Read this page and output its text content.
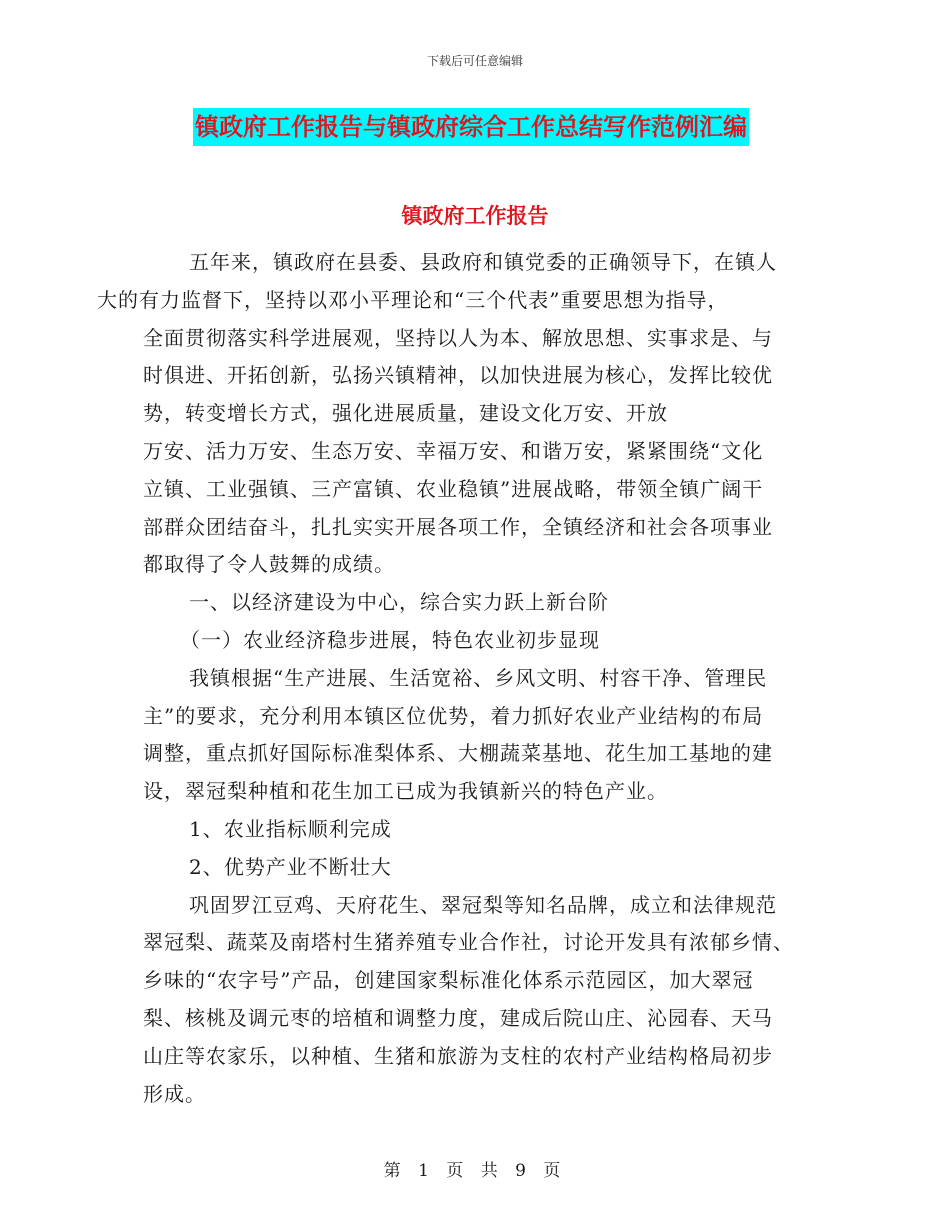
下载后可任意编辑
镇政府工作报告与镇政府综合工作总结写作范例汇编
镇政府工作报告

五年来，镇政府在县委、县政府和镇党委的正确领导下，在镇人
大的有力监督下，坚持以邓小平理论和“三个代表”重要思想为指导，
全面贯彻落实科学进展观，坚持以人为本、解放思想、实事求是、与
时俱进、开拓创新，弘扬兴镇精神，以加快进展为核心，发挥比较优
势，转变增长方式，强化进展质量，建设文化万安、开放
万安、活力万安、生态万安、幸福万安、和谐万安，紧紧围绕“文化
立镇、工业强镇、三产富镇、农业稳镇”进展战略，带领全镇广阔干
部群众团结奋斗，扎扎实实开展各项工作，全镇经济和社会各项事业
都取得了令人鼓舞的成绩。

一、以经济建设为中心，综合实力跃上新台阶

（一）农业经济稳步进展，特色农业初步显现

我镇根据“生产进展、生活宽裕、乡风文明、村容干净、管理民
主”的要求，充分利用本镇区位优势，着力抓好农业产业结构的布局
调整，重点抓好国际标准梨体系、大棚蔬菜基地、花生加工基地的建
设，翠冠梨种植和花生加工已成为我镇新兴的特色产业。

1、农业指标顺利完成

2、优势产业不断壮大

巩固罗江豆鸡、天府花生、翠冠梨等知名品牌，成立和法律规范
翠冠梨、蔬菜及南塔村生猪养殖专业合作社，讨论开发具有浓郁乡情、
乡味的“农字号”产品，创建国家梨标准化体系示范园区，加大翠冠
梨、核桃及调元枣的培植和调整力度，建成后院山庄、沁园春、天马
山庄等农家乐，以种植、生猪和旅游为支柱的农村产业结构格局初步
形成。

第 1 页 共 9 页
